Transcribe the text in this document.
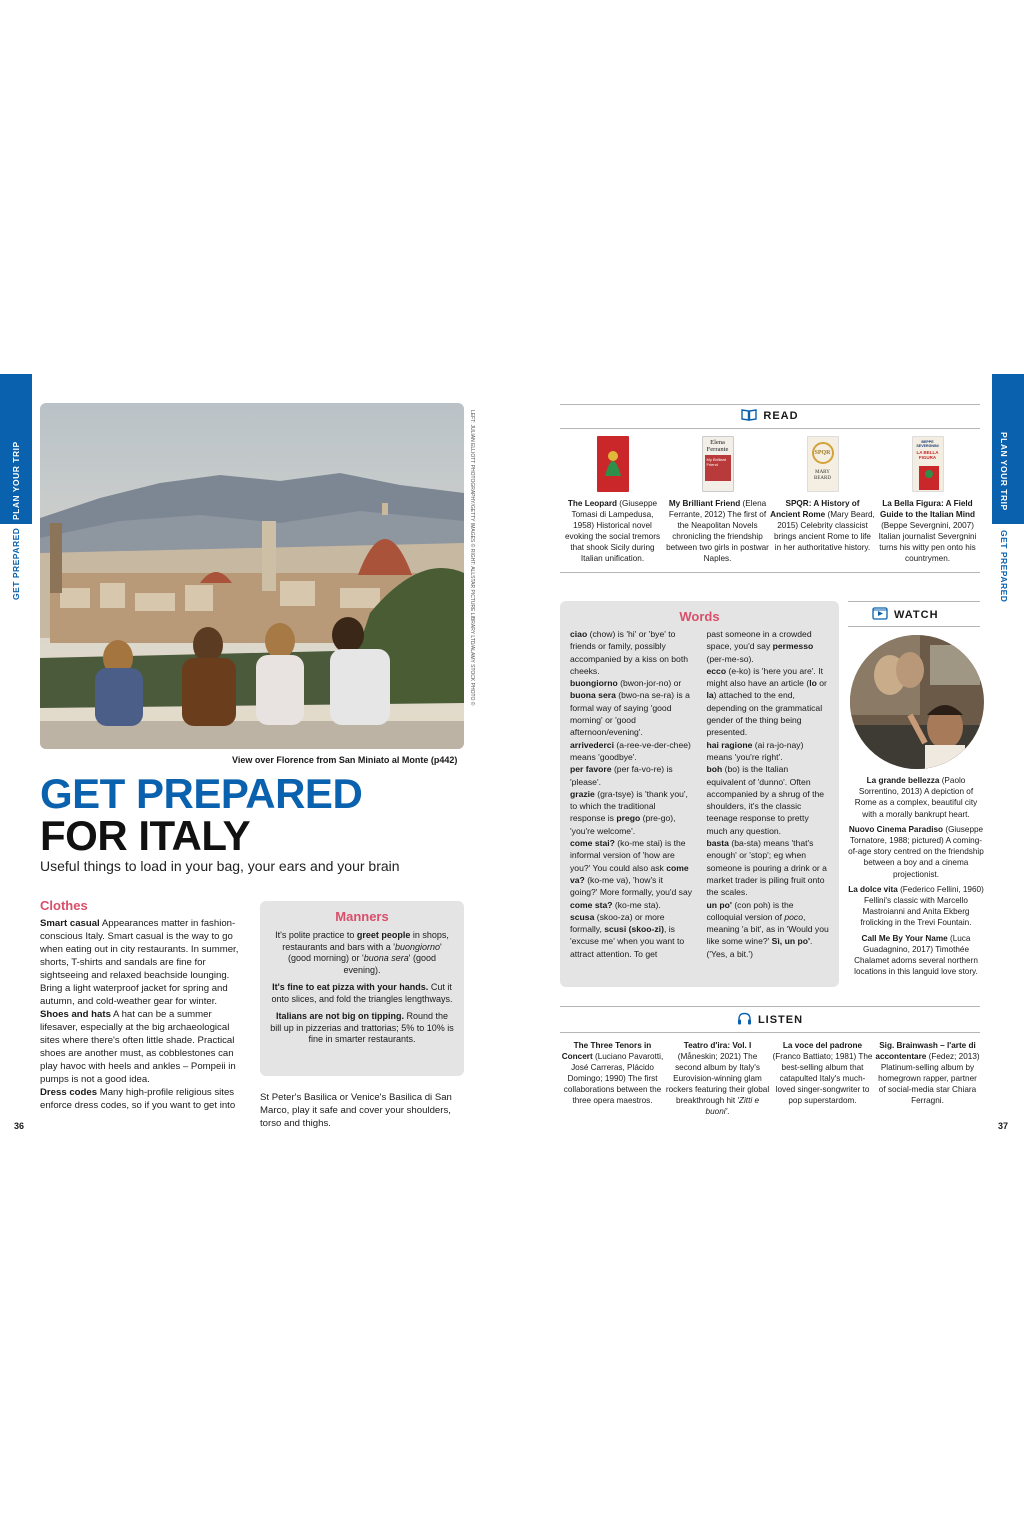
PLAN YOUR TRIP
GET PREPARED
36
LEFT: JULIAN ELLIOTT PHOTOGRAPHY/GETTY IMAGES © RIGHT: ALLSTAR PICTURE LIBRARY LTD/ALAMY STOCK PHOTO ©
View over Florence from San Miniato al Monte (p442)
GET PREPARED
FOR ITALY
Useful things to load in your bag, your ears and your brain
Clothes
Smart casual Appearances matter in fashion-conscious Italy. Smart casual is the way to go when eating out in city restaurants. In summer, shorts, T-shirts and sandals are fine for sightseeing and relaxed beachside lounging. Bring a light waterproof jacket for spring and autumn, and cold-weather gear for winter.
Shoes and hats A hat can be a summer lifesaver, especially at the big archaeological sites where there's often little shade. Practical shoes are another must, as cobblestones can play havoc with heels and ankles – Pompeii in pumps is not a good idea.
Dress codes Many high-profile religious sites enforce dress codes, so if you want to get into
Manners
It's polite practice to greet people in shops, restaurants and bars with a 'buongiorno' (good morning) or 'buona sera' (good evening).
It's fine to eat pizza with your hands. Cut it onto slices, and fold the triangles lengthways.
Italians are not big on tipping. Round the bill up in pizzerias and trattorias; 5% to 10% is fine in smarter restaurants.
St Peter's Basilica or Venice's Basilica di San Marco, play it safe and cover your shoulders, torso and thighs.
PLAN YOUR TRIP
GET PREPARED
37
READ
The Leopard (Giuseppe Tomasi di Lampedusa, 1958) Historical novel evoking the social tremors that shook Sicily during Italian unification.
Elena Ferrante
My Brilliant Friend
My Brilliant Friend (Elena Ferrante, 2012) The first of the Neapolitan Novels chronicling the friendship between two girls in postwar Naples.
SPQR
MARY BEARD
SPQR: A History of Ancient Rome (Mary Beard, 2015) Celebrity classicist brings ancient Rome to life in her authoritative history.
BEPPE SEVERGNINI
LA BELLA FIGURA
La Bella Figura: A Field Guide to the Italian Mind (Beppe Severgnini, 2007) Italian journalist Severgnini turns his witty pen onto his countrymen.
Words
ciao (chow) is 'hi' or 'bye' to friends or family, possibly accompanied by a kiss on both cheeks.
buongiorno (bwon-jor-no) or buona sera (bwo-na se-ra) is a formal way of saying 'good morning' or 'good afternoon/evening'.
arrivederci (a-ree-ve-der-chee) means 'goodbye'.
per favore (per fa-vo-re) is 'please'.
grazie (gra-tsye) is 'thank you', to which the traditional response is prego (pre-go), 'you're welcome'.
come stai? (ko-me stai) is the informal version of 'how are you?' You could also ask come va? (ko-me va), 'how's it going?' More formally, you'd say come sta? (ko-me sta).
scusa (skoo-za) or more formally, scusi (skoo-zi), is 'excuse me' when you want to attract attention. To get
past someone in a crowded space, you'd say permesso (per-me-so).
ecco (e-ko) is 'here you are'. It might also have an article (lo or la) attached to the end, depending on the grammatical gender of the thing being presented.
hai ragione (ai ra-jo-nay) means 'you're right'.
boh (bo) is the Italian equivalent of 'dunno'. Often accompanied by a shrug of the shoulders, it's the classic teenage response to pretty much any question.
basta (ba-sta) means 'that's enough' or 'stop'; eg when someone is pouring a drink or a market trader is piling fruit onto the scales.
un po' (con poh) is the colloquial version of poco, meaning 'a bit', as in 'Would you like some wine?' Sì, un po'. ('Yes, a bit.')
WATCH
La grande bellezza (Paolo Sorrentino, 2013) A depiction of Rome as a complex, beautiful city with a morally bankrupt heart.
Nuovo Cinema Paradiso (Giuseppe Tornatore, 1988; pictured) A coming-of-age story centred on the friendship between a boy and a cinema projectionist.
La dolce vita (Federico Fellini, 1960) Fellini's classic with Marcello Mastroianni and Anita Ekberg frolicking in the Trevi Fountain.
Call Me By Your Name (Luca Guadagnino, 2017) Timothée Chalamet adorns several northern locations in this languid love story.
LISTEN
The Three Tenors in Concert (Luciano Pavarotti, José Carreras, Plácido Domingo; 1990) The first collaborations between the three opera maestros.
Teatro d'ira: Vol. I (Måneskin; 2021) The second album by Italy's Eurovision-winning glam rockers featuring their global breakthrough hit 'Zitti e buoni'.
La voce del padrone (Franco Battiato; 1981) The best-selling album that catapulted Italy's much-loved singer-songwriter to pop superstardom.
Sig. Brainwash – l'arte di accontentare (Fedez; 2013) Platinum-selling album by homegrown rapper, partner of social-media star Chiara Ferragni.
